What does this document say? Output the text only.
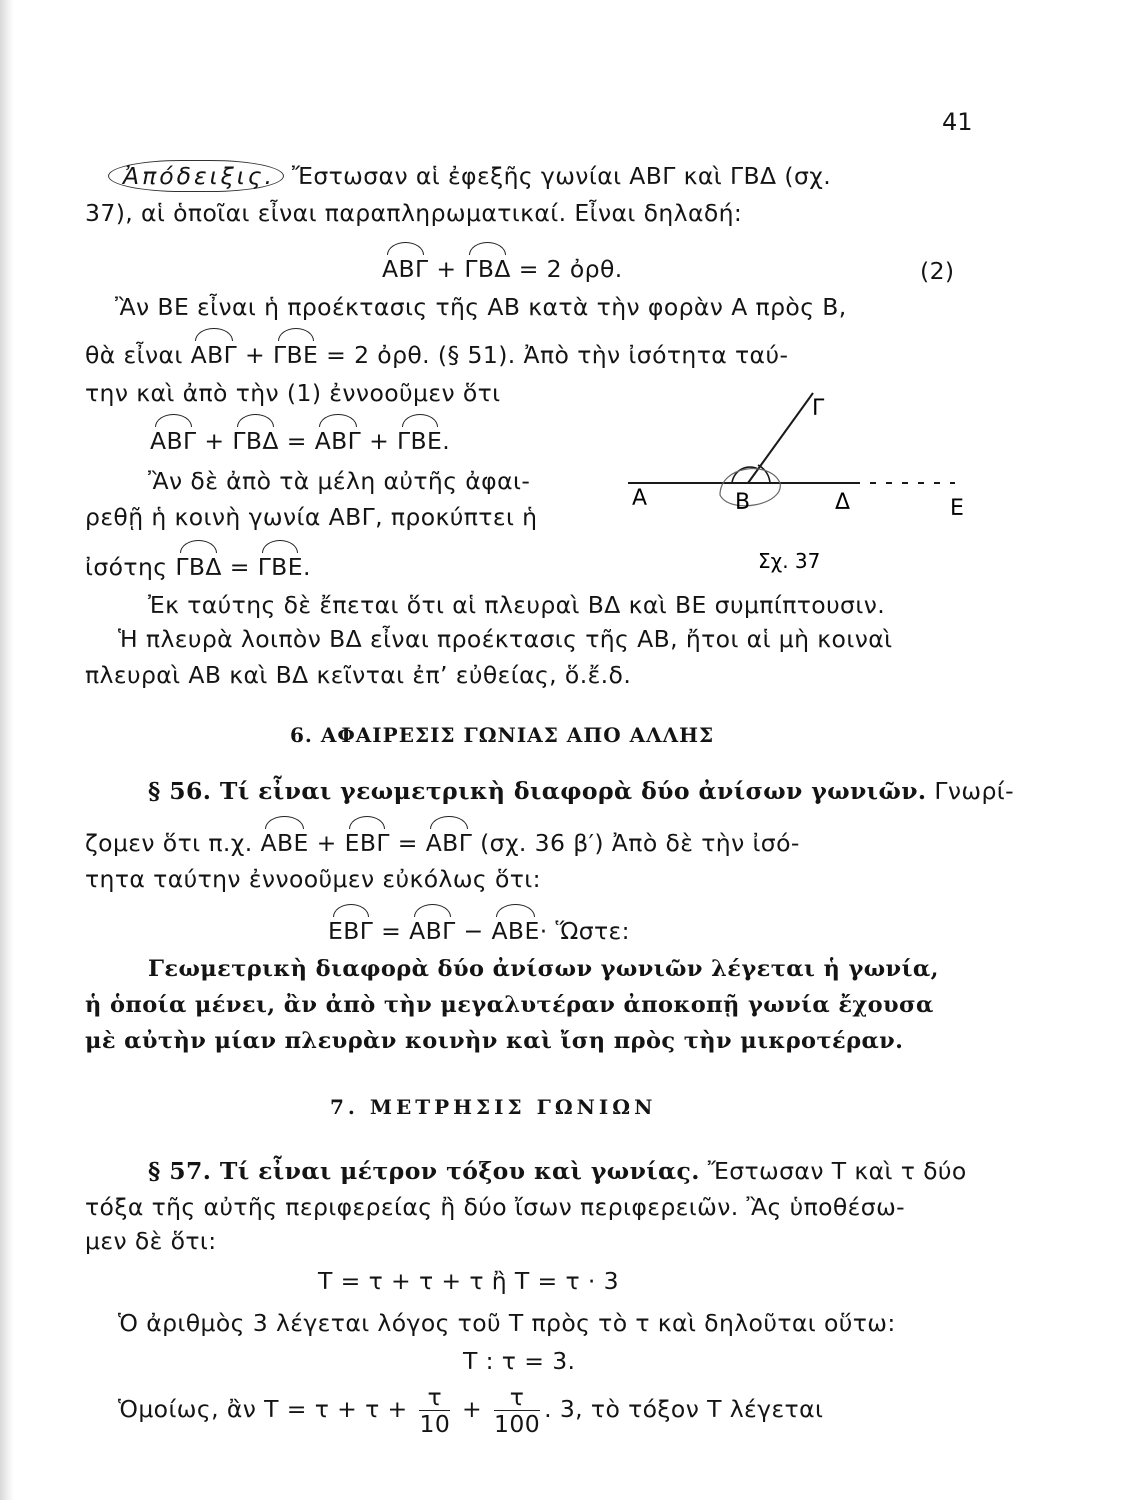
41
Ἀπόδειξις. Ἔστωσαν αἱ ἐφεξῆς γωνίαι ΑΒΓ καὶ ΓΒΔ (σχ.
37), αἱ ὁποῖαι εἶναι παραπληρωματικαί. Εἶναι δηλαδή:
ΑΒΓ + ΓΒΔ = 2 ὀρθ.	(2)
Ἂν ΒΕ εἶναι ἡ προέκτασις τῆς ΑΒ κατὰ τὴν φορὰν Α πρὸς Β,
θὰ εἶναι ΑΒΓ + ΓΒΕ = 2 ὀρθ. (§ 51). Ἀπὸ τὴν ἰσότητα ταύ-
την καὶ ἀπὸ τὴν (1) ἐννοοῦμεν ὅτι
ΑΒΓ + ΓΒΔ = ΑΒΓ + ΓΒΕ.
Ἂν δὲ ἀπὸ τὰ μέλη αὐτῆς ἀφαι-
ρεθῇ ἡ κοινὴ γωνία ΑΒΓ, προκύπτει ἡ
ἰσότης ΓΒΔ = ΓΒΕ.
Α	Β
Γ
Δ	Ε
Σχ. 37
Ἐκ ταύτης δὲ ἔπεται ὅτι αἱ πλευραὶ ΒΔ καὶ ΒΕ συμπίπτουσιν.
Ἡ πλευρὰ λοιπὸν ΒΔ εἶναι προέκτασις τῆς ΑΒ, ἤτοι αἱ μὴ κοιναὶ
πλευραὶ ΑΒ καὶ ΒΔ κεῖνται ἐπ’ εὐθείας, ὅ.ἔ.δ.
6. ΑΦΑΙΡΕΣΙΣ ΓΩΝΙΑΣ ΑΠΟ ΑΛΛΗΣ
§ 56. Τί εἶναι γεωμετρικὴ διαφορὰ δύο ἀνίσων γωνιῶν. Γνωρί-
ζομεν ὅτι π.χ. ΑΒΕ + ΕΒΓ = ΑΒΓ (σχ. 36 β′) Ἀπὸ δὲ τὴν ἰσό-
τητα ταύτην ἐννοοῦμεν εὐκόλως ὅτι:
ΕΒΓ = ΑΒΓ − ΑΒΕ· Ὥστε:
Γεωμετρικὴ διαφορὰ δύο ἀνίσων γωνιῶν λέγεται ἡ γωνία,
ἡ ὁποία μένει, ἂν ἀπὸ τὴν μεγαλυτέραν ἀποκοπῇ γωνία ἔχουσα
μὲ αὐτὴν μίαν πλευρὰν κοινὴν καὶ ἴση πρὸς τὴν μικροτέραν.
7. ΜΕΤΡΗΣΙΣ ΓΩΝΙΩΝ
§ 57. Τί εἶναι μέτρον τόξου καὶ γωνίας. Ἔστωσαν Τ καὶ τ δύο
τόξα τῆς αὐτῆς περιφερείας ἢ δύο ἴσων περιφερειῶν. Ἂς ὑποθέσω-
μεν δὲ ὅτι:
Τ = τ + τ + τ ἢ Τ = τ · 3
Ὁ ἀριθμὸς 3 λέγεται λόγος τοῦ Τ πρὸς τὸ τ καὶ δηλοῦται οὕτω:
Τ : τ = 3.
Ὁμοίως, ἂν $T = \tau + \tau + \frac{\tau}{10} + \frac{\tau}{100}$ . 3, τὸ τόξον Τ λέγεται
